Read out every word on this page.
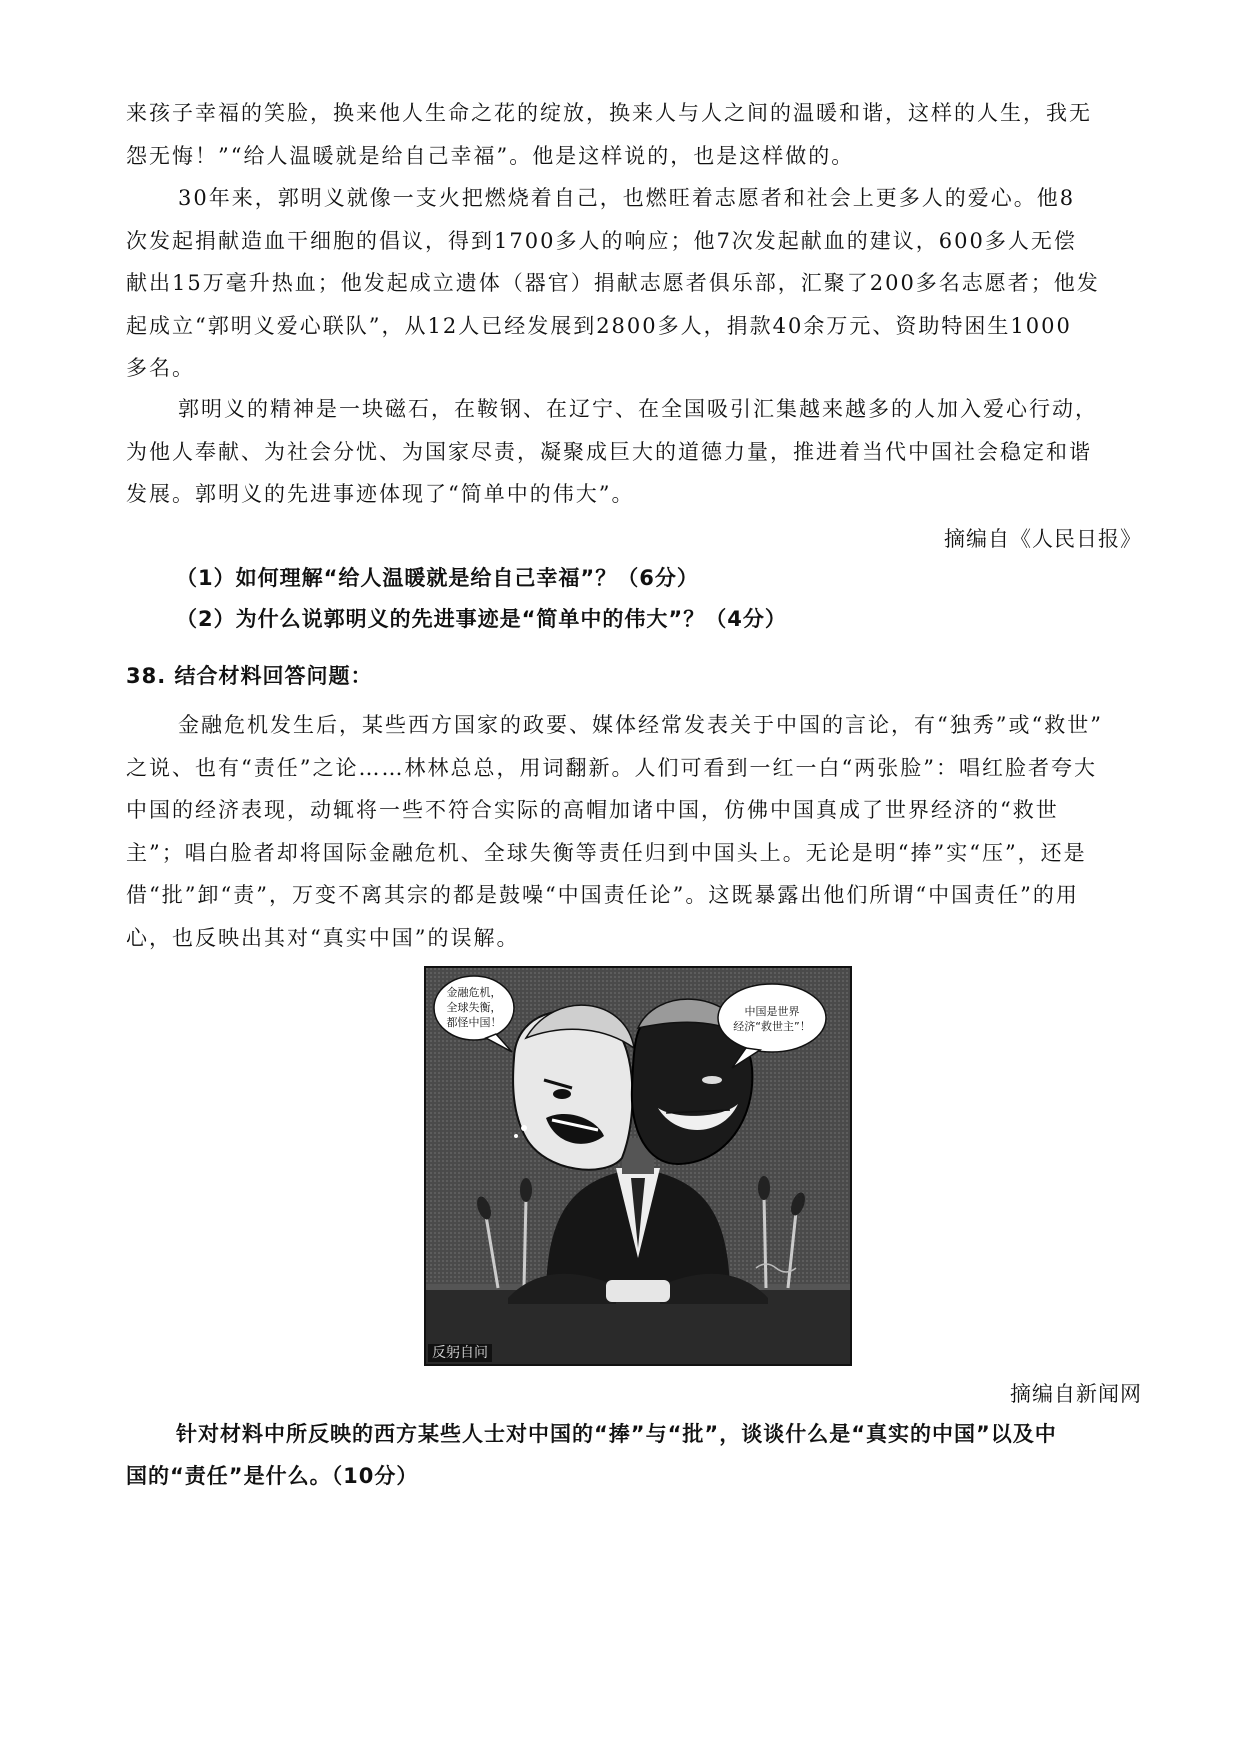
来孩子幸福的笑脸，换来他人生命之花的绽放，换来人与人之间的温暖和谐，这样的人生，我无
怨无悔！”“给人温暖就是给自己幸福”。他是这样说的，也是这样做的。
30年来，郭明义就像一支火把燃烧着自己，也燃旺着志愿者和社会上更多人的爱心。他8
次发起捐献造血干细胞的倡议，得到1700多人的响应；他7次发起献血的建议，600多人无偿
献出15万毫升热血；他发起成立遗体（器官）捐献志愿者俱乐部，汇聚了200多名志愿者；他发
起成立“郭明义爱心联队”，从12人已经发展到2800多人，捐款40余万元、资助特困生1000
多名。
郭明义的精神是一块磁石，在鞍钢、在辽宁、在全国吸引汇集越来越多的人加入爱心行动，
为他人奉献、为社会分忧、为国家尽责，凝聚成巨大的道德力量，推进着当代中国社会稳定和谐
发展。郭明义的先进事迹体现了“简单中的伟大”。
摘编自《人民日报》
（1）如何理解“给人温暖就是给自己幸福”？（6分）
（2）为什么说郭明义的先进事迹是“简单中的伟大”？（4分）
38. 结合材料回答问题：
金融危机发生后，某些西方国家的政要、媒体经常发表关于中国的言论，有“独秀”或“救世”
之说、也有“责任”之论……林林总总，用词翻新。人们可看到一红一白“两张脸”：唱红脸者夸大
中国的经济表现，动辄将一些不符合实际的高帽加诸中国，仿佛中国真成了世界经济的“救世
主”；唱白脸者却将国际金融危机、全球失衡等责任归到中国头上。无论是明“捧”实“压”，还是
借“批”卸“责”，万变不离其宗的都是鼓噪“中国责任论”。这既暴露出他们所谓“中国责任”的用
心，也反映出其对“真实中国”的误解。
金融危机，
全球失衡，
都怪中国！
中国是世界
经济“救世主”！
反躬自问
摘编自新闻网
针对材料中所反映的西方某些人士对中国的“捧”与“批”，谈谈什么是“真实的中国”以及中
国的“责任”是什么。（10分）
